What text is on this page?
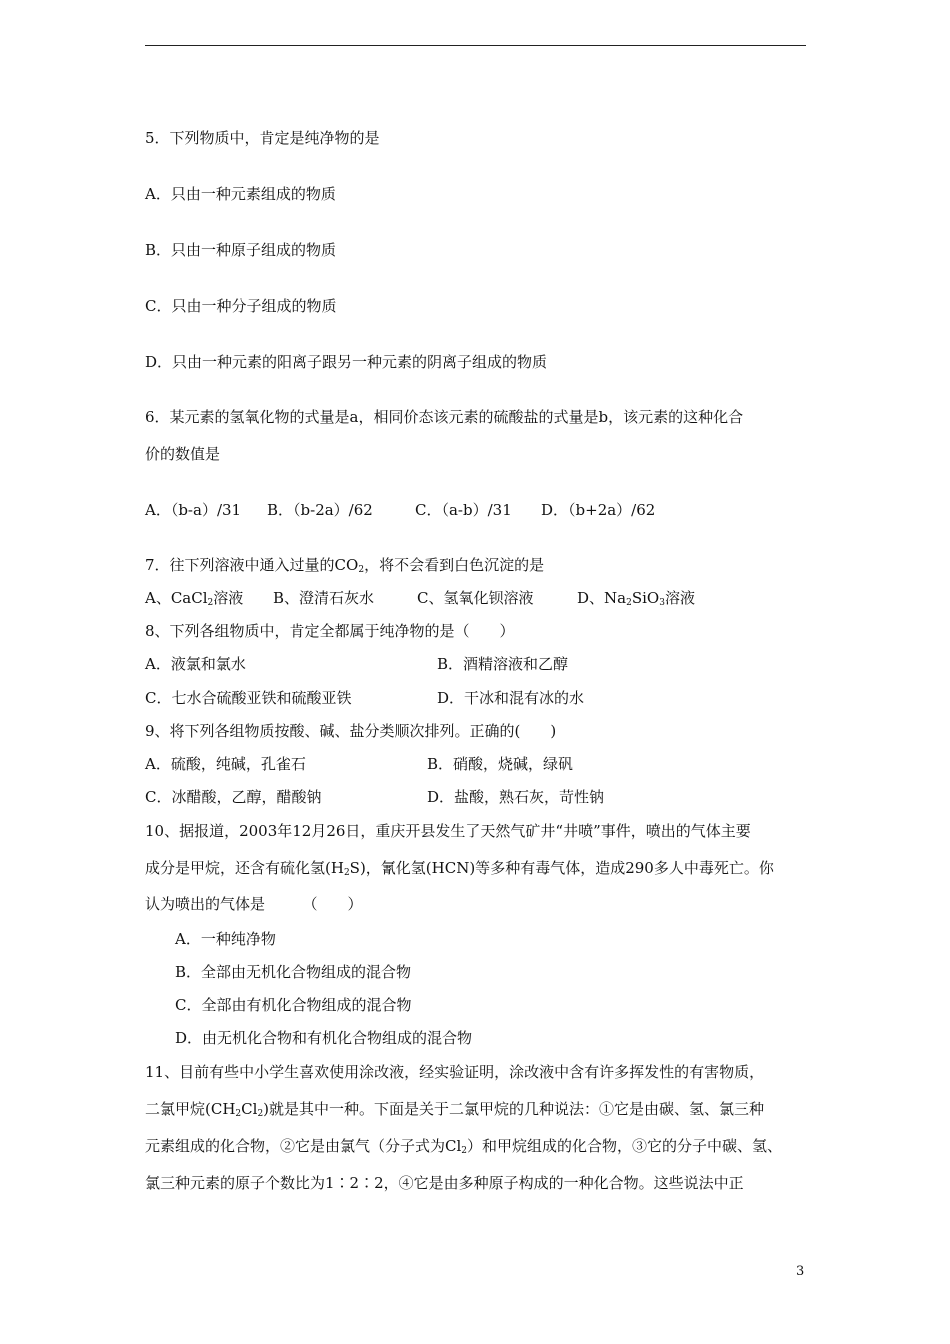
5．下列物质中，肯定是纯净物的是
A．只由一种元素组成的物质
B．只由一种原子组成的物质
C．只由一种分子组成的物质
D．只由一种元素的阳离子跟另一种元素的阴离子组成的物质
6．某元素的氢氧化物的式量是a，相同价态该元素的硫酸盐的式量是b，该元素的这种化合
价的数值是
A．（b-a）/31 B．（b-2a）/62	C．（a-b）/31 D．（b+2a）/62
7．往下列溶液中通入过量的$CO_2$，将不会看到白色沉淀的是
A、CaCl$_2$溶液 B、澄清石灰水	C、氢氧化钡溶液	D、$Na_2SiO_3$溶液
8、下列各组物质中，肯定全都属于纯净物的是（　　）
A．液氯和氯水	B．酒精溶液和乙醇
C．七水合硫酸亚铁和硫酸亚铁	D．干冰和混有冰的水
9、将下列各组物质按酸、碱、盐分类顺次排列。正确的(　　)
A．硫酸，纯碱，孔雀石	B．硝酸，烧碱，绿矾
C．冰醋酸，乙醇，醋酸钠	D．盐酸，熟石灰，苛性钠
10、据报道，2003年12月26日，重庆开县发生了天然气矿井“井喷”事件，喷出的气体主要
成分是甲烷，还含有硫化氢$(H_2S)$，氰化氢(HCN)等多种有毒气体，造成290多人中毒死亡。你
认为喷出的气体是　　　（　　）
A．一种纯净物
B．全部由无机化合物组成的混合物
C．全部由有机化合物组成的混合物
D．由无机化合物和有机化合物组成的混合物
11、目前有些中小学生喜欢使用涂改液，经实验证明，涂改液中含有许多挥发性的有害物质，
二氯甲烷$(CH_2Cl_2)$就是其中一种。下面是关于二氯甲烷的几种说法：①它是由碳、氢、氯三种
元素组成的化合物，②它是由氯气（分子式为$Cl_2$）和甲烷组成的化合物，③它的分子中碳、氢、
氯三种元素的原子个数比为1∶2∶2，④它是由多种原子构成的一种化合物。这些说法中正
3
